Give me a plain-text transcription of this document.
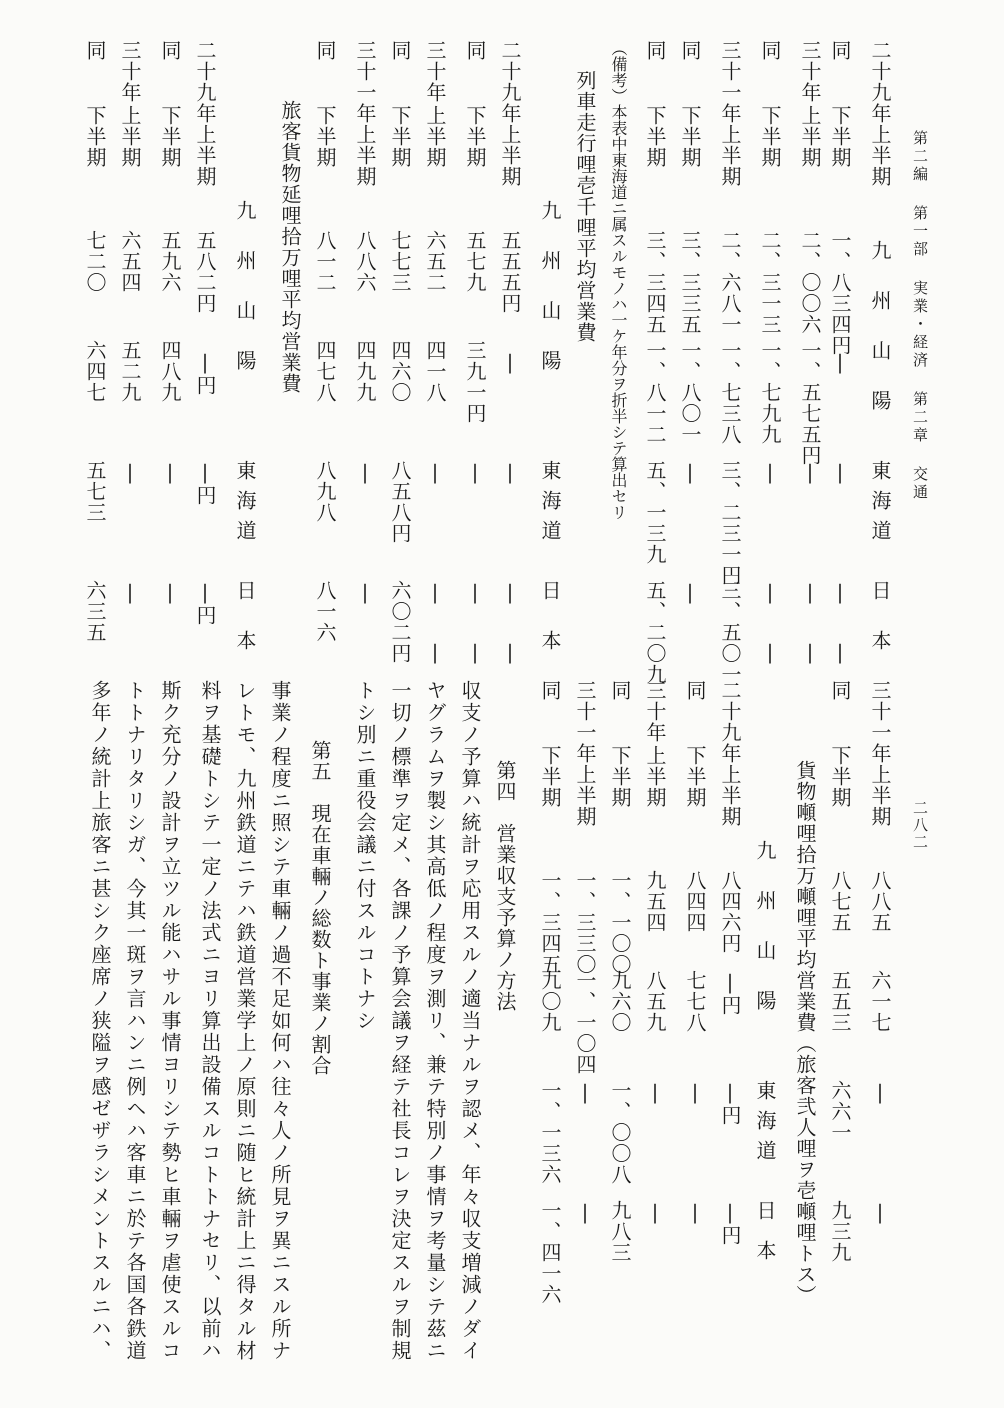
第二編 第一部 実業・経済 第二章 交通
二八二
二十九年上半期
九
州
山
陽
東
海
道
日
本
同
下半期
一、八三四円
|
|
|
|
三十年
上半期
二、〇〇六
一、五七五円
|
|
|
同
下半期
二、三一三
一、七九九
|
|
|
三十一年上半期
二、六八一
一、七三八
三、二三一円
三、五〇一
同
下半期
三、三三五
一、八〇一
|
|
同
下半期
三、三四五
一、八一二
五、一三九
五、二〇九
（備考）本表中東海道ニ属スルモノハ一ケ年分ヲ折半シテ算出セリ
列車走行哩壱千哩平均営業費
九
州
山
陽
東
海
道
日
本
二十九年上半期
五五五円
|
|
|
|
同
下半期
五七九
三九一円
|
|
|
三十年
上半期
六五二
四一八
|
|
|
同
下半期
七七三
四六〇
八五八円
六〇二円
三十一年上半期
八八六
四九九
|
|
同
下半期
八一二
四七八
八九八
八一六
旅客貨物延哩拾万哩平均営業費
九
州
山
陽
東
海
道
日
本
二十九年上半期
五八二円
|円
|円
|円
同
下半期
五九六
四八九
|
|
三十年
上半期
六五四
五二九
|
|
同
下半期
七二〇
六四七
五七三
六三五
三十一年上半期
八八五
六一七
|
|
同
下半期
八七五
五五三
六六一
九三九
貨物噸哩拾万噸哩平均営業費（旅客弐人哩ヲ壱噸哩トス）
九
州
山
陽
東
海
道
日
本
二十九年上半期
八四六円
|円
|円
|円
同
下半期
八四四
七七八
|
|
三十年
上半期
九五四
八五九
|
|
同
下半期
一、一〇〇
九六〇
一、〇〇八
九八三
三十一年上半期
一、三三〇
一、一〇四
|
|
同
下半期
一、三四五
九〇九
一、一三六
一、四一六
第四　営業収支予算ノ方法
収支ノ予算ハ統計ヲ応用スルノ適当ナルヲ認メ、年々収支増減ノダイ
ヤグラムヲ製シ其高低ノ程度ヲ測リ、兼テ特別ノ事情ヲ考量シテ茲ニ
一切ノ標準ヲ定メ、各課ノ予算会議ヲ経テ社長コレヲ決定スルヲ制規
トシ別ニ重役会議ニ付スルコトナシ
第五　現在車輛ノ総数ト事業ノ割合
事業ノ程度ニ照シテ車輛ノ過不足如何ハ往々人ノ所見ヲ異ニスル所ナ
レトモ、九州鉄道ニテハ鉄道営業学上ノ原則ニ随ヒ統計上ニ得タル材
料ヲ基礎トシテ一定ノ法式ニヨリ算出設備スルコトトナセリ、以前ハ
斯ク充分ノ設計ヲ立ツル能ハサル事情ヨリシテ勢ヒ車輛ヲ虐使スルコ
トトナリタリシガ、今其一斑ヲ言ハンニ例ヘハ客車ニ於テ各国各鉄道
多年ノ統計上旅客ニ甚シク座席ノ狭隘ヲ感ゼザラシメントスルニハ、
